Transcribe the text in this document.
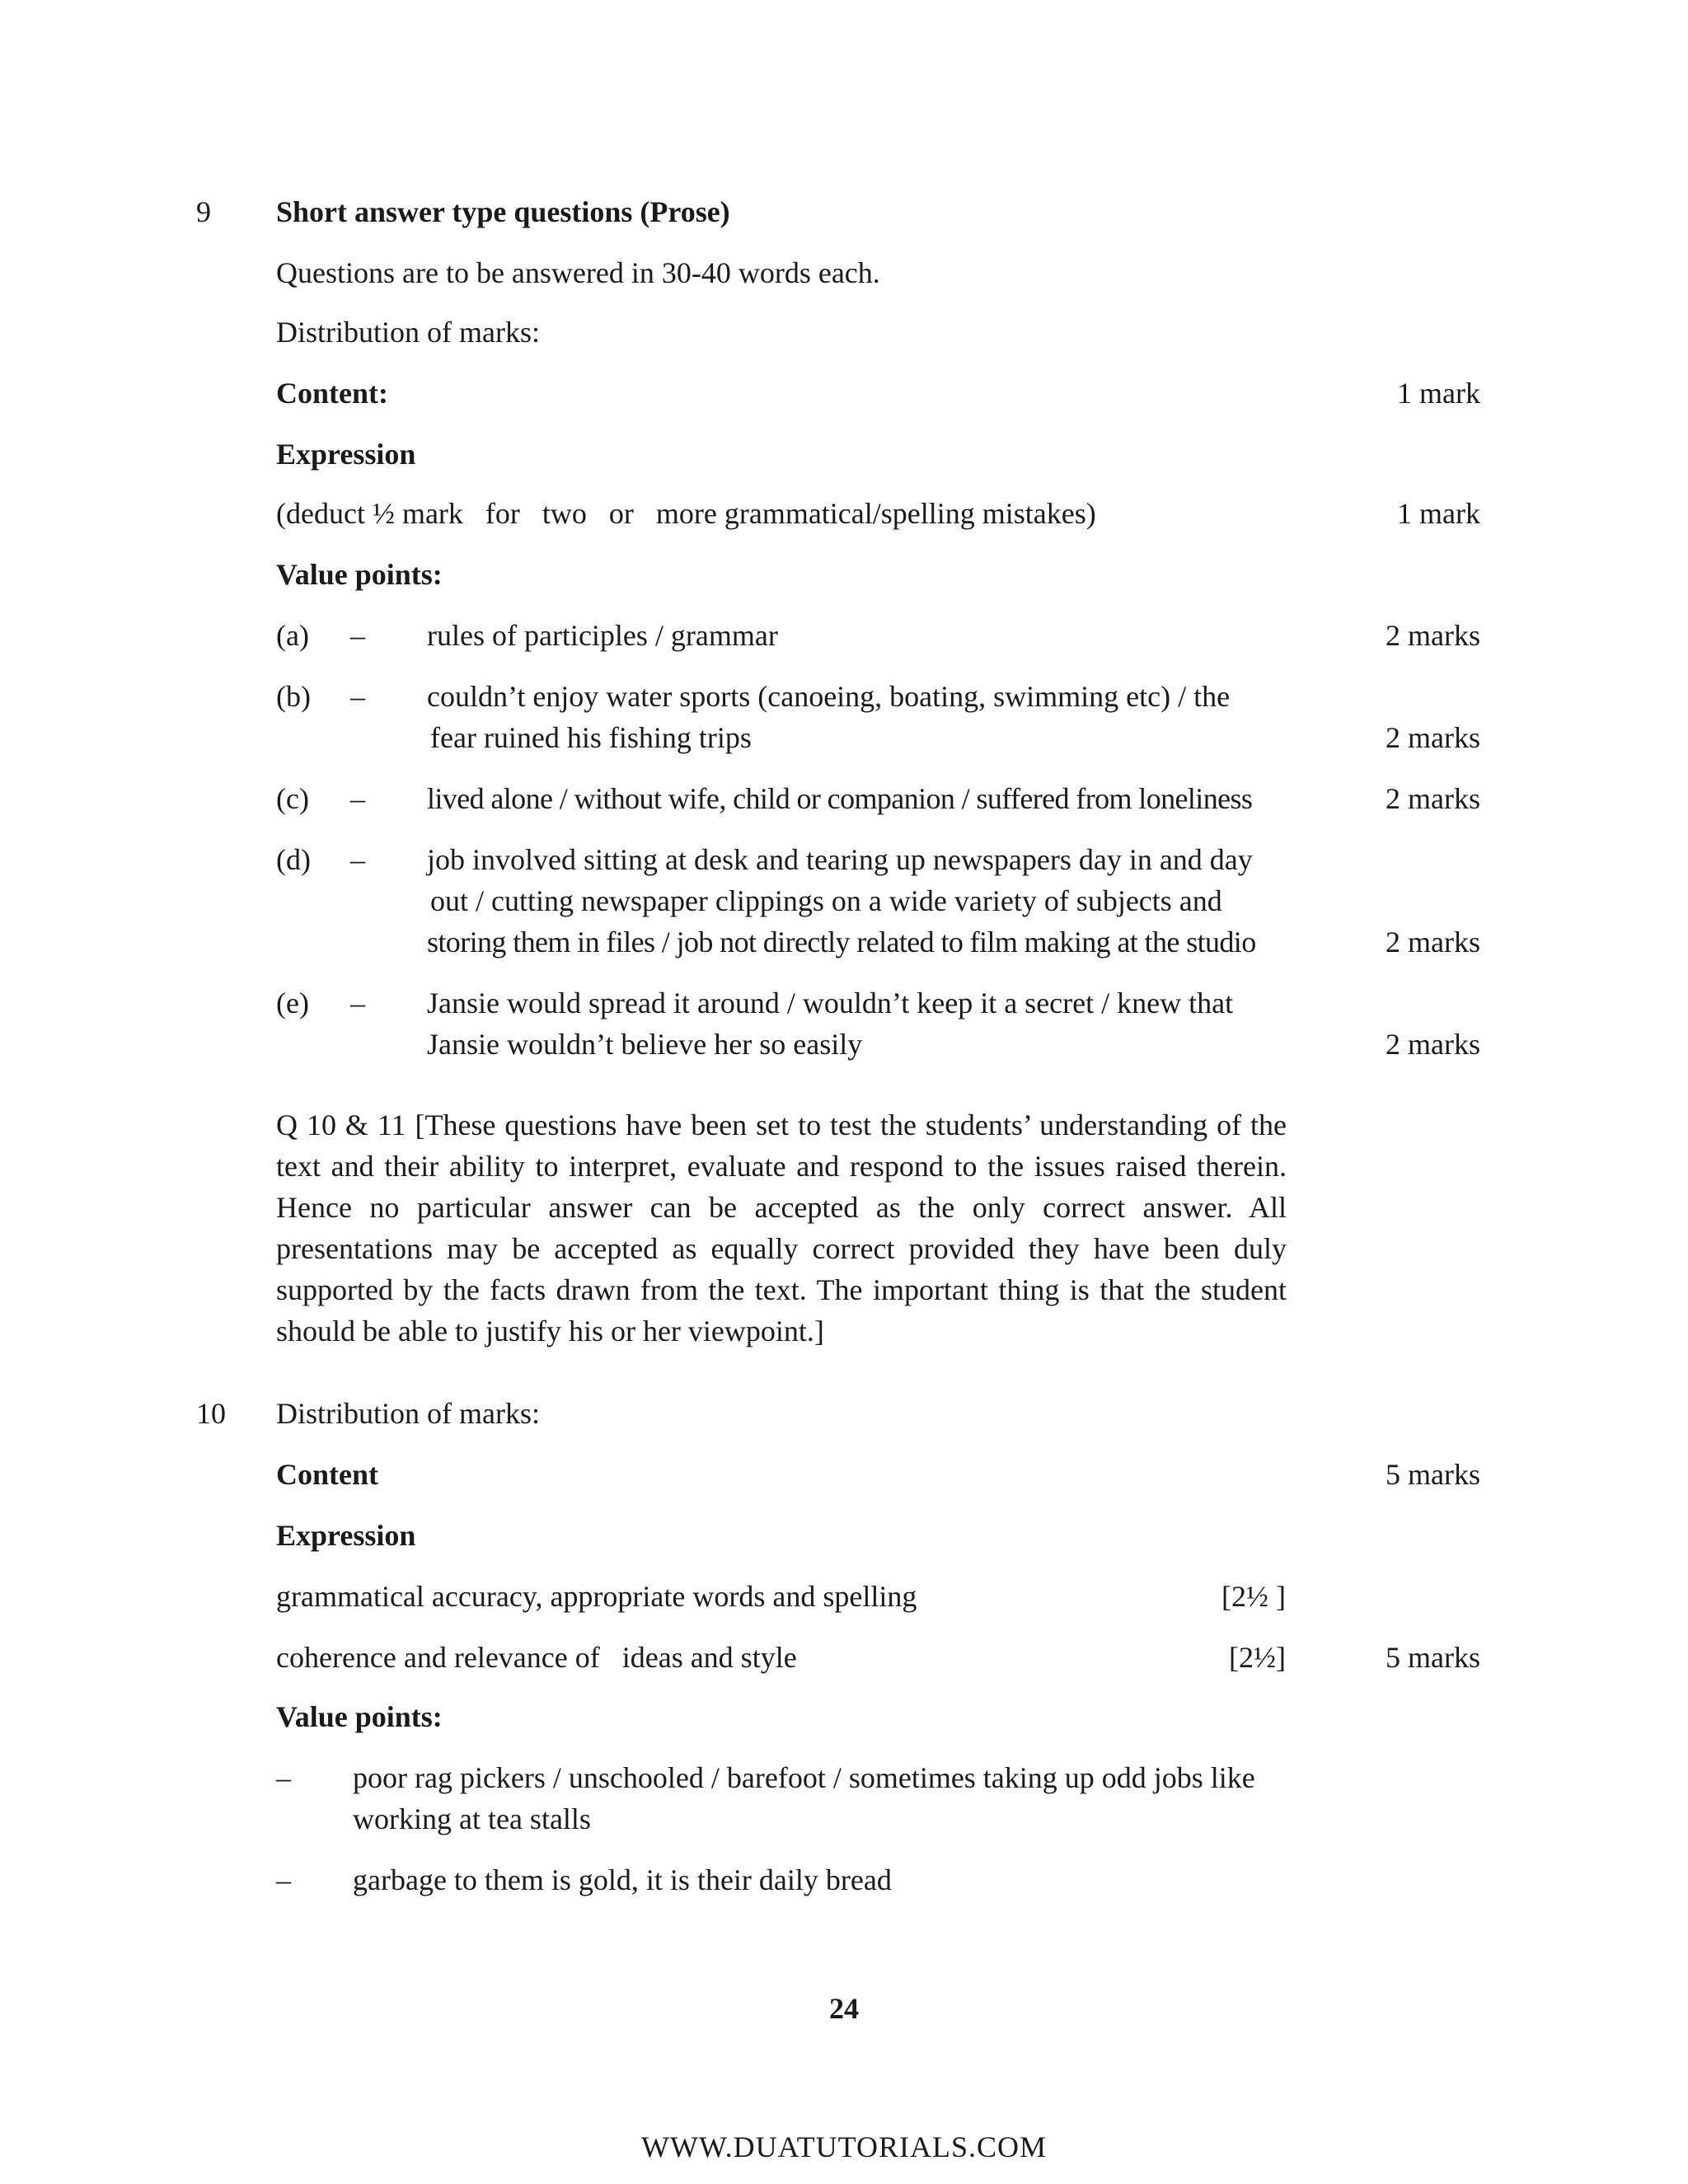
9 Short answer type questions (Prose)
Questions are to be answered in 30-40 words each.
Distribution of marks:
Content:	1 mark
Expression
(deduct ½ mark   for   two   or   more grammatical/spelling mistakes)	1 mark
Value points:
(a) – rules of participles / grammar	2 marks
(b) – couldn’t enjoy water sports (canoeing, boating, swimming etc) / the
fear ruined his fishing trips	2 marks
(c) – lived alone / without wife, child or companion / suffered from loneliness	2 marks
(d) – job involved sitting at desk and tearing up newspapers day in and day
out / cutting newspaper clippings on a wide variety of subjects and
storing them in files / job not directly related to film making at the studio	2 marks
(e) – Jansie would spread it around / wouldn’t keep it a secret / knew that
Jansie wouldn’t believe her so easily	2 marks
Q 10 & 11 [These questions have been set to test the students’ understanding of the
text and their ability to interpret, evaluate and respond to the issues raised therein.
Hence no particular answer can be accepted as the only correct answer. All
presentations may be accepted as equally correct provided they have been duly
supported by the facts drawn from the text. The important thing is that the student
should be able to justify his or her viewpoint.]
10 Distribution of marks:
Content	5 marks
Expression
grammatical accuracy, appropriate words and spelling	[2½ ]
coherence and relevance of   ideas and style	[2½]	5 marks
Value points:
– poor rag pickers / unschooled / barefoot / sometimes taking up odd jobs like
working at tea stalls
– garbage to them is gold, it is their daily bread
24
WWW.DUATUTORIALS.COM
